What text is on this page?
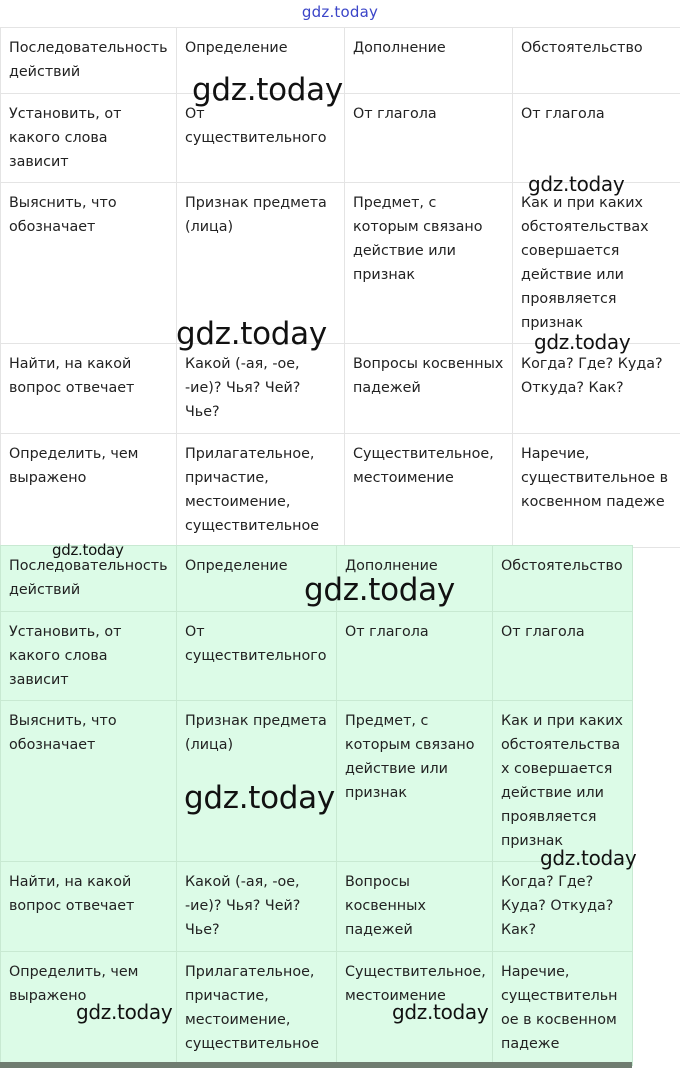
gdz.today
Последовательность действий	Определение	Дополнение	Обстоятельство
Установить, от какого слова зависит	От существительного	От глагола	От глагола
Выяснить, что обозначает	Признак предмета (лица)	Предмет, с которым связано действие или признак	Как и при каких обстоятельствах совершается действие или проявляется признак
Найти, на какой вопрос отвечает	Какой (-ая, -ое, -ие)? Чья? Чей? Чье?	Вопросы косвенных падежей	Когда? Где? Куда? Откуда? Как?
Определить, чем выражено	Прилагательное, причастие, местоимение, существительное	Существительное, местоимение	Наречие, существительное в косвенном падеже
Последовательность действий	Определение	Дополнение	Обстоятельство
Установить, от какого слова зависит	От существительного	От глагола	От глагола
Выяснить, что обозначает	Признак предмета (лица)	Предмет, с которым связано действие или признак	Как и при каких обстоятельствах совершается действие или проявляется признак
Найти, на какой вопрос отвечает	Какой (-ая, -ое, -ие)? Чья? Чей? Чье?	Вопросы косвенных падежей	Когда? Где? Куда? Откуда? Как?
Определить, чем выражено	Прилагательное, причастие, местоимение, существительное	Существительное, местоимение	Наречие, существительное в косвенном падеже
gdz.today
gdz.today
gdz.today	gdz.today
gdz.today
gdz.today
gdz.today
gdz.today
gdz.today	gdz.today
